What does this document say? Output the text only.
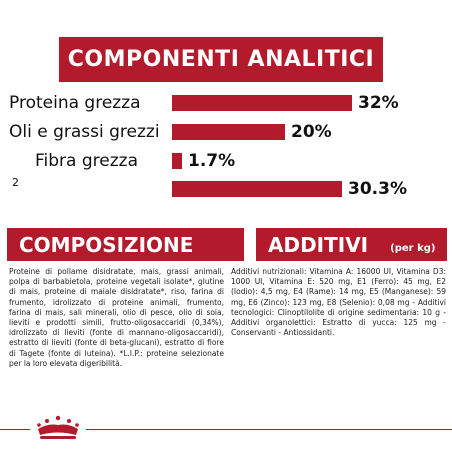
COMPONENTI ANALITICI
Proteina grezza	32%
Oli e grassi grezzi	20%
Fibra grezza	1.7%
2	30.3%
COMPOSIZIONE
Proteine di pollame disidratate, mais, grassi animali, polpa di barbabietola, proteine vegetali isolate*, glutine di mais, proteine di maiale disidratate*, riso, farina di frumento, idrolizzato di proteine animali, frumento, farina di mais, sali minerali, olio di pesce, olio di soia, lieviti e prodotti simili, frutto-oligosaccaridi (0,34%), idrolizzato di lieviti (fonte di mannano-oligosaccaridi), estratto di lieviti (fonte di beta-glucani), estratto di fiore di Tagete (fonte di luteina). *L.I.P.: proteine selezionate per la loro elevata digeribilità.
ADDITIVI (per kg)
Additivi nutrizionali: Vitamina A: 16000 UI, Vitamina D3: 1000 UI, Vitamina E: 520 mg, E1 (Ferro): 45 mg, E2 (Iodio): 4,5 mg, E4 (Rame): 14 mg, E5 (Manganese): 59 mg, E6 (Zinco): 123 mg, E8 (Selenio): 0,08 mg - Additivi tecnologici: Clinoptilolite di origine sedimentaria: 10 g - Additivi organolettici: Estratto di yucca: 125 mg - Conservanti - Antiossidanti.
